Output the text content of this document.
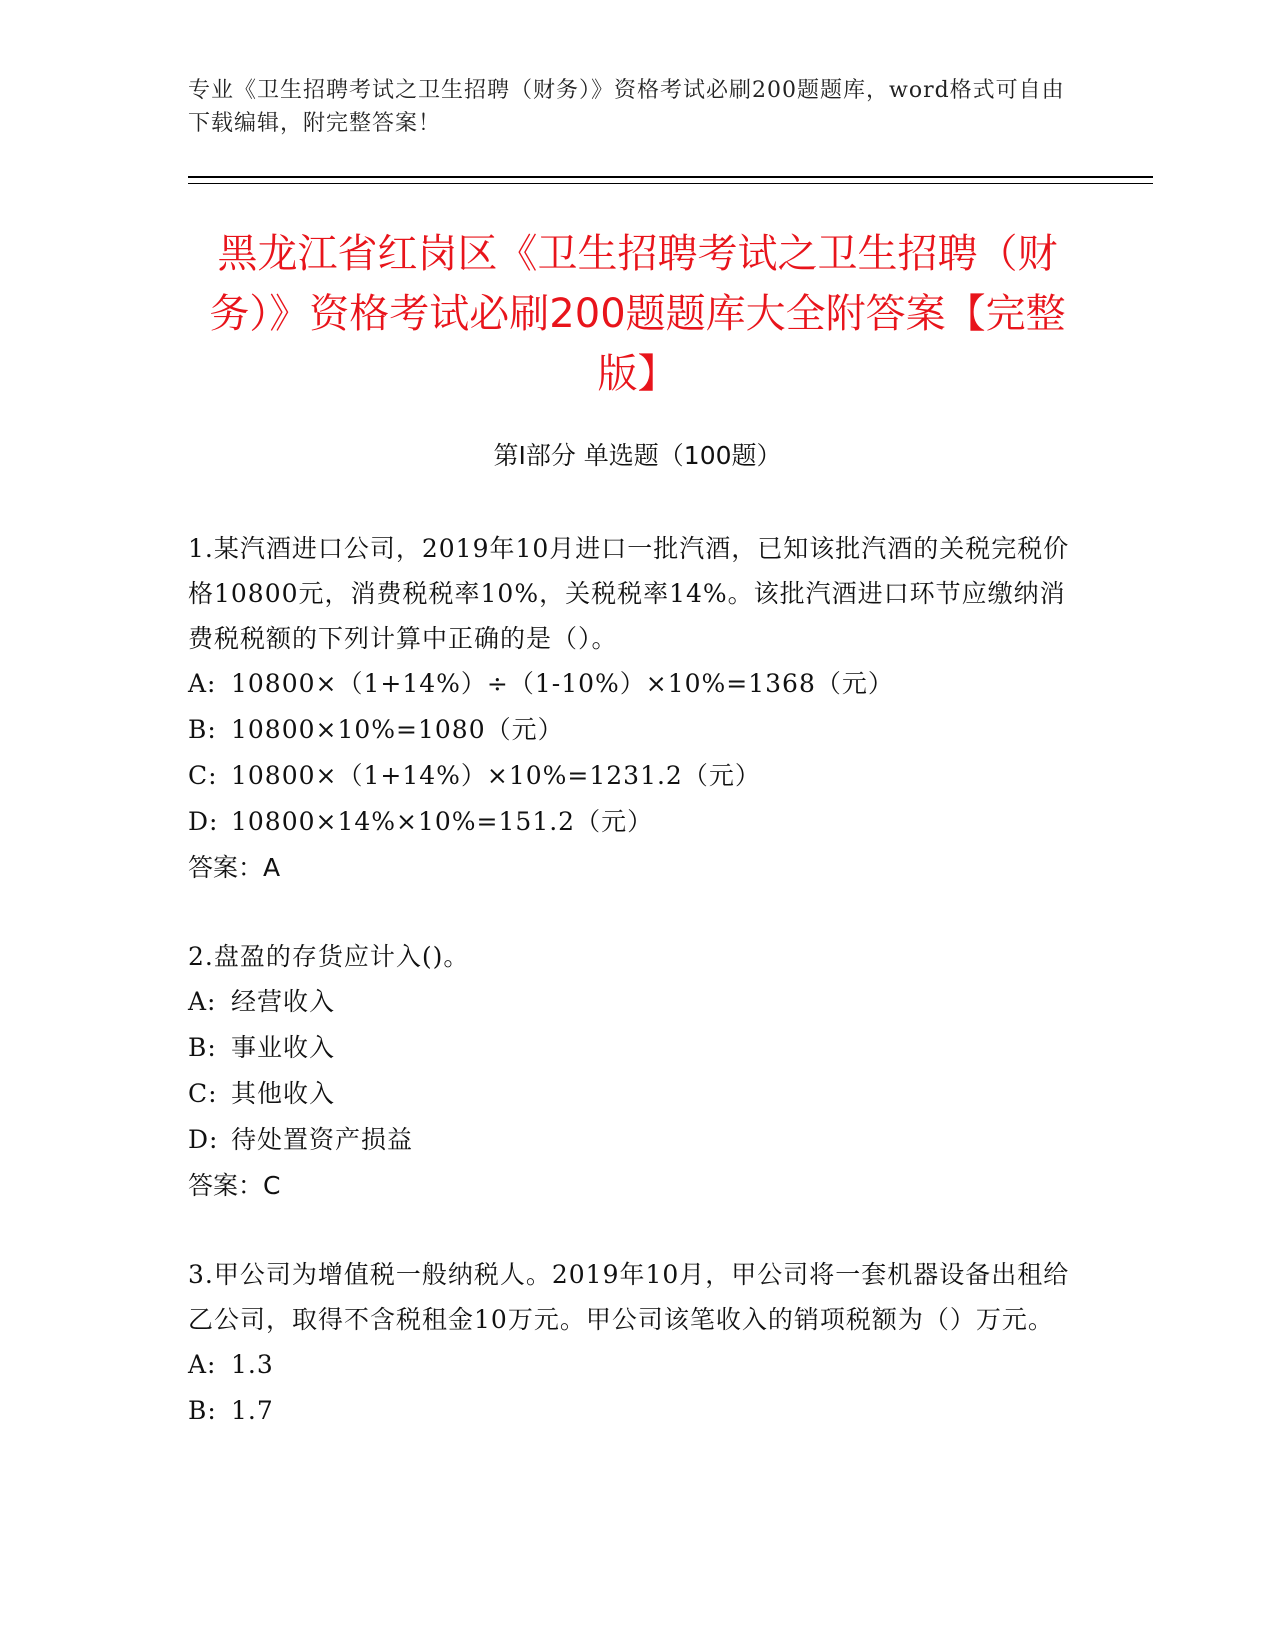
专业《卫生招聘考试之卫生招聘（财务）》资格考试必刷200题题库，word格式可自由下载编辑，附完整答案！
黑龙江省红岗区《卫生招聘考试之卫生招聘（财务）》资格考试必刷200题题库大全附答案【完整版】
第Ⅰ部分 单选题（100题）

1.某汽酒进口公司，2019年10月进口一批汽酒，已知该批汽酒的关税完税价格10800元，消费税税率10%，关税税率14%。该批汽酒进口环节应缴纳消费税税额的下列计算中正确的是（）。

A: 10800×（1+14%）÷（1-10%）×10%=1368（元）

B: 10800×10%=1080（元）

C: 10800×（1+14%）×10%=1231.2（元）

D: 10800×14%×10%=151.2（元）

答案：A

2.盘盈的存货应计入()。

A: 经营收入

B: 事业收入

C: 其他收入

D: 待处置资产损益

答案：C

3.甲公司为增值税一般纳税人。2019年10月，甲公司将一套机器设备出租给乙公司，取得不含税租金10万元。甲公司该笔收入的销项税额为（）万元。

A: 1.3

B: 1.7
